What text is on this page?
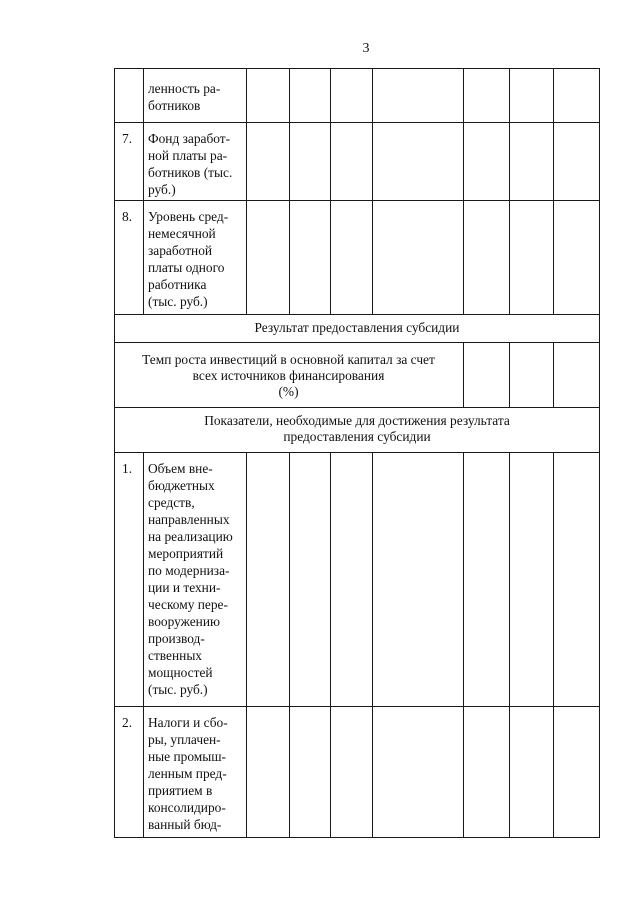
3
ленность ра-
ботников
7. Фонд заработ-
ной платы ра-
ботников (тыс.
руб.)
8. Уровень сред-
немесячной
заработной
платы одного
работника
(тыс. руб.)
Результат предоставления субсидии
Темп роста инвестиций в основной капитал за счет
всех источников финансирования
(%)
Показатели, необходимые для достижения результата
предоставления субсидии
1. Объем вне-
бюджетных
средств,
направленных
на реализацию
мероприятий
по модерниза-
ции и техни-
ческому пере-
вооружению
производ-
ственных
мощностей
(тыс. руб.)
2. Налоги и сбо-
ры, уплачен-
ные промыш-
ленным пред-
приятием в
консолидиро-
ванный бюд-
